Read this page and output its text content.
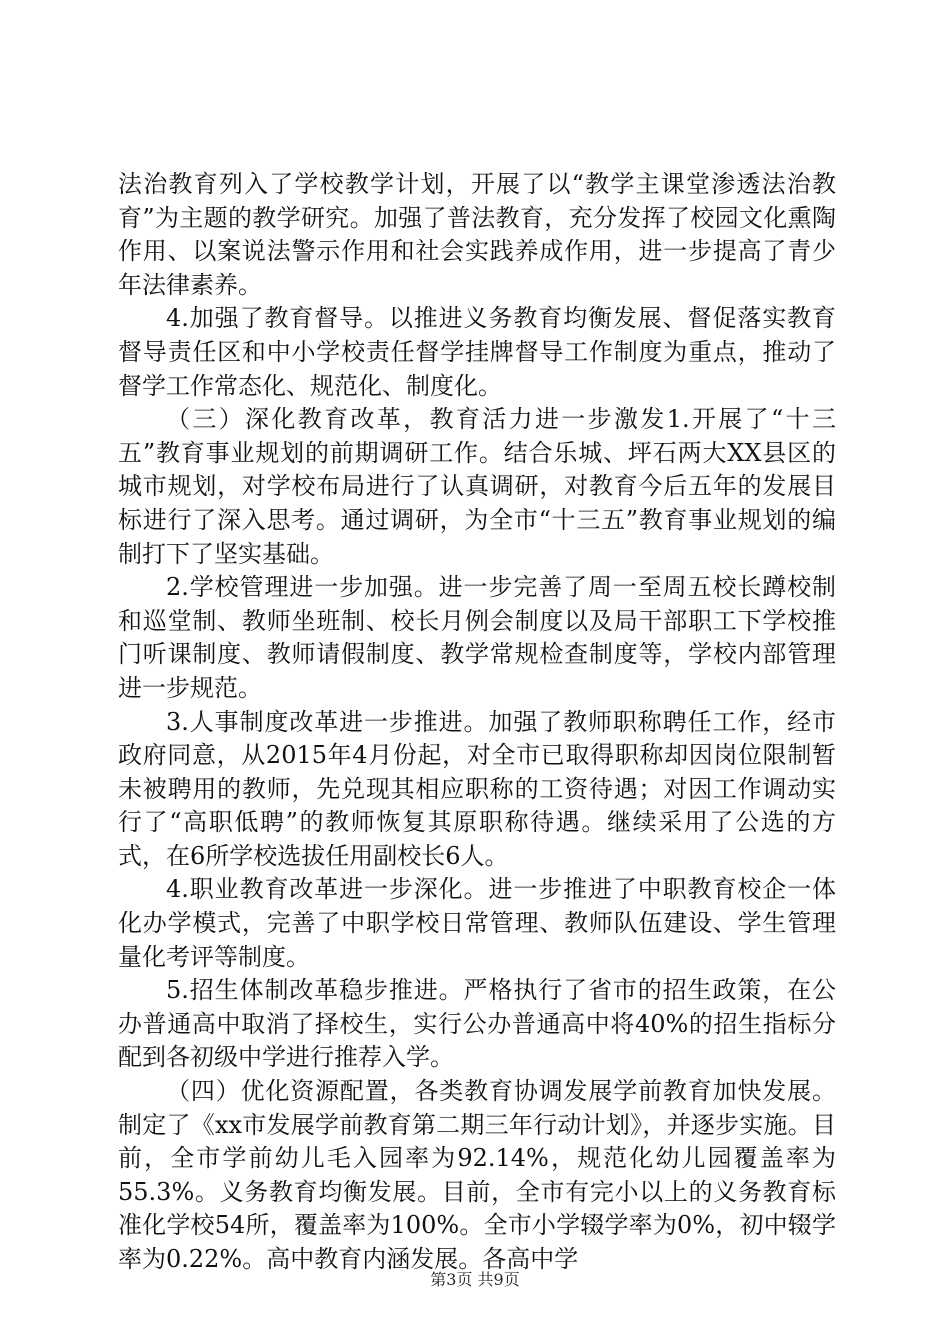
法治教育列入了学校教学计划，开展了以“教学主课堂渗透法治教育”为主题的教学研究。加强了普法教育，充分发挥了校园文化熏陶作用、以案说法警示作用和社会实践养成作用，进一步提高了青少年法律素养。

4.加强了教育督导。以推进义务教育均衡发展、督促落实教育督导责任区和中小学校责任督学挂牌督导工作制度为重点，推动了督学工作常态化、规范化、制度化。

（三）深化教育改革，教育活力进一步激发1.开展了“十三五”教育事业规划的前期调研工作。结合乐城、坪石两大XX县区的城市规划，对学校布局进行了认真调研，对教育今后五年的发展目标进行了深入思考。通过调研，为全市“十三五”教育事业规划的编制打下了坚实基础。

2.学校管理进一步加强。进一步完善了周一至周五校长蹲校制和巡堂制、教师坐班制、校长月例会制度以及局干部职工下学校推门听课制度、教师请假制度、教学常规检查制度等，学校内部管理进一步规范。

3.人事制度改革进一步推进。加强了教师职称聘任工作，经市政府同意，从2015年4月份起，对全市已取得职称却因岗位限制暂未被聘用的教师，先兑现其相应职称的工资待遇；对因工作调动实行了“高职低聘”的教师恢复其原职称待遇。继续采用了公选的方式，在6所学校选拔任用副校长6人。

4.职业教育改革进一步深化。进一步推进了中职教育校企一体化办学模式，完善了中职学校日常管理、教师队伍建设、学生管理量化考评等制度。

5.招生体制改革稳步推进。严格执行了省市的招生政策，在公办普通高中取消了择校生，实行公办普通高中将40%的招生指标分配到各初级中学进行推荐入学。

（四）优化资源配置，各类教育协调发展学前教育加快发展。制定了《xx市发展学前教育第二期三年行动计划》，并逐步实施。目前，全市学前幼儿毛入园率为92.14%，规范化幼儿园覆盖率为55.3%。义务教育均衡发展。目前，全市有完小以上的义务教育标准化学校54所，覆盖率为100%。全市小学辍学率为0%，初中辍学率为0.22%。高中教育内涵发展。各高中学

第3页 共9页
